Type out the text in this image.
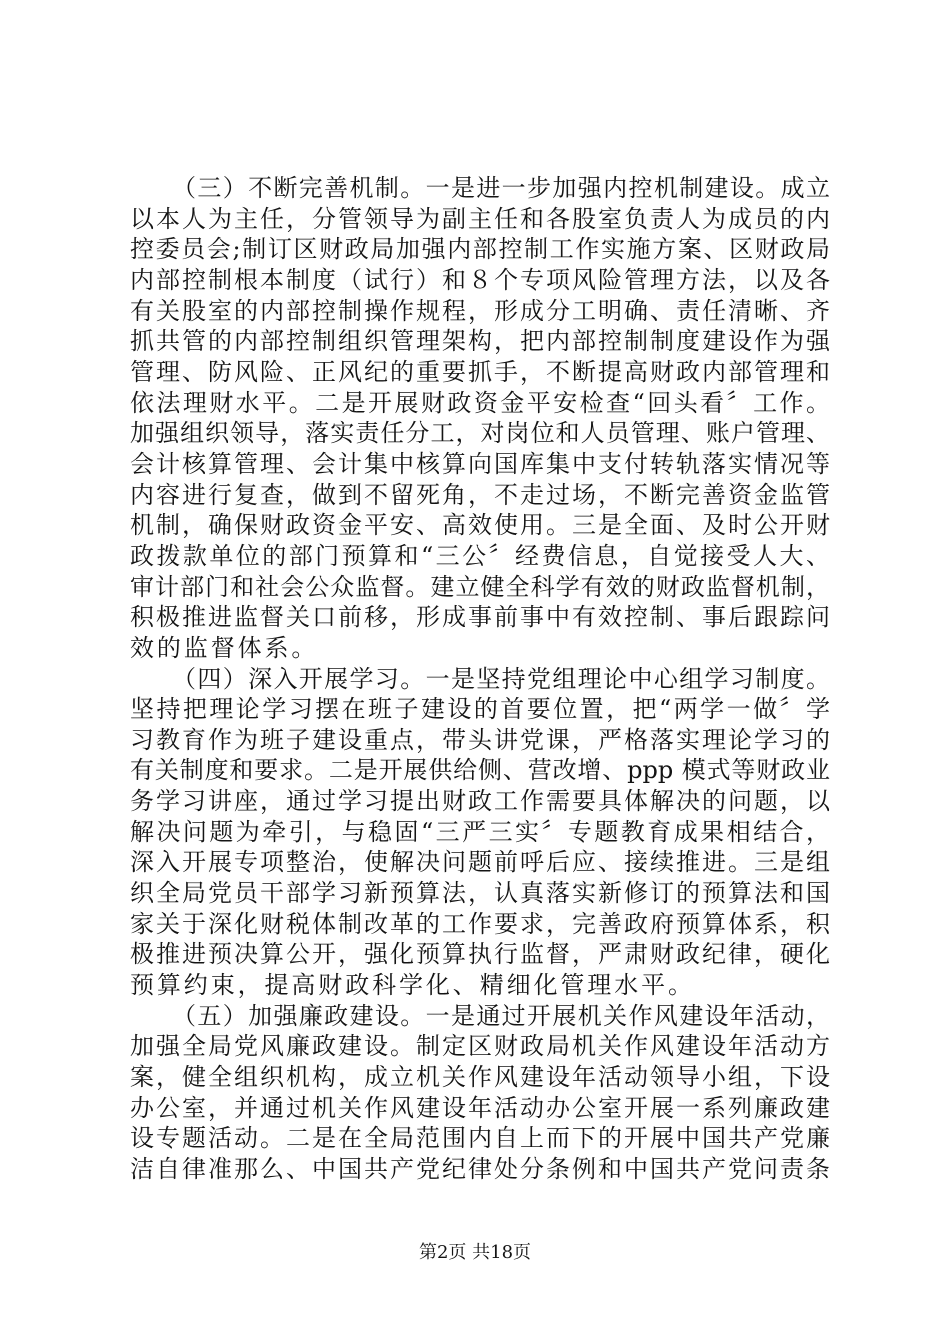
（三）不断完善机制。一是进一步加强内控机制建设。成立
以本人为主任，分管领导为副主任和各股室负责人为成员的内
控委员会;制订区财政局加强内部控制工作实施方案、区财政局
内部控制根本制度（试行）和８个专项风险管理方法，以及各
有关股室的内部控制操作规程，形成分工明确、责任清晰、齐
抓共管的内部控制组织管理架构，把内部控制制度建设作为强
管理、防风险、正风纪的重要抓手，不断提高财政内部管理和
依法理财水平。二是开展财政资金平安检查“回头看〞工作。
加强组织领导，落实责任分工，对岗位和人员管理、账户管理、
会计核算管理、会计集中核算向国库集中支付转轨落实情况等
内容进行复查，做到不留死角，不走过场，不断完善资金监管
机制，确保财政资金平安、高效使用。三是全面、及时公开财
政拨款单位的部门预算和“三公〞经费信息，自觉接受人大、
审计部门和社会公众监督。建立健全科学有效的财政监督机制，
积极推进监督关口前移，形成事前事中有效控制、事后跟踪问
效的监督体系。
（四）深入开展学习。一是坚持党组理论中心组学习制度。
坚持把理论学习摆在班子建设的首要位置，把“两学一做〞学
习教育作为班子建设重点，带头讲党课，严格落实理论学习的
有关制度和要求。二是开展供给侧、营改增、ppp 模式等财政业
务学习讲座，通过学习提出财政工作需要具体解决的问题，以
解决问题为牵引，与稳固“三严三实〞专题教育成果相结合，
深入开展专项整治，使解决问题前呼后应、接续推进。三是组
织全局党员干部学习新预算法，认真落实新修订的预算法和国
家关于深化财税体制改革的工作要求，完善政府预算体系，积
极推进预决算公开，强化预算执行监督，严肃财政纪律，硬化
预算约束，提高财政科学化、精细化管理水平。
（五）加强廉政建设。一是通过开展机关作风建设年活动，
加强全局党风廉政建设。制定区财政局机关作风建设年活动方
案，健全组织机构，成立机关作风建设年活动领导小组，下设
办公室，并通过机关作风建设年活动办公室开展一系列廉政建
设专题活动。二是在全局范围内自上而下的开展中国共产党廉
洁自律准那么、中国共产党纪律处分条例和中国共产党问责条
第2页 共18页
